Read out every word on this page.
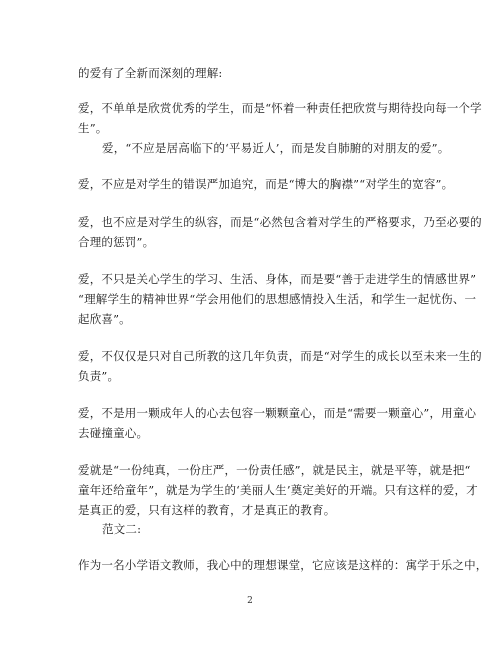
的爱有了全新而深刻的理解:
爱，不单单是欣赏优秀的学生，而是“怀着一种责任把欣赏与期待投向每一个学
生”。
爱，“不应是居高临下的‘平易近人’，而是发自肺腑的对朋友的爱”。
爱，不应是对学生的错误严加追究，而是“博大的胸襟”“对学生的宽容”。
爱，也不应是对学生的纵容，而是“必然包含着对学生的严格要求，乃至必要的
合理的惩罚”。
爱，不只是关心学生的学习、生活、身体，而是要“善于走进学生的情感世界”
“理解学生的精神世界“学会用他们的思想感情投入生活，和学生一起忧伤、一
起欣喜”。
爱，不仅仅是只对自己所教的这几年负责，而是“对学生的成长以至未来一生的
负责”。
爱，不是用一颗成年人的心去包容一颗颗童心，而是“需要一颗童心”，用童心
去碰撞童心。
爱就是“一份纯真，一份庄严，一份责任感”，就是民主，就是平等，就是把“
童年还给童年”，就是为学生的‘美丽人生’奠定美好的开端。只有这样的爱，才
是真正的爱，只有这样的教育，才是真正的教育。
范文二:
作为一名小学语文教师，我心中的理想课堂，它应该是这样的：寓学于乐之中，
2
